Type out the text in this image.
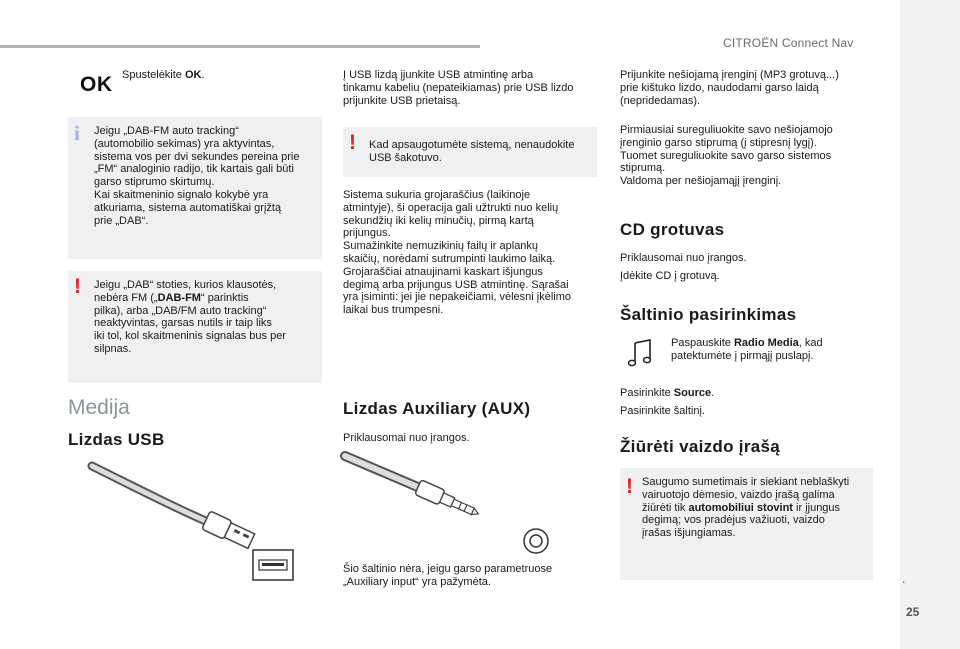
CITROËN Connect Nav
.
25
OK Spustelėkite OK.
i Jeigu „DAB-FM auto tracking“
(automobilio sekimas) yra aktyvintas,
sistema vos per dvi sekundes pereina prie
„FM“ analoginio radijo, tik kartais gali būti
garso stiprumo skirtumų.
Kai skaitmeninio signalo kokybė yra
atkuriama, sistema automatiškai grįžtą
prie „DAB“.
! Jeigu „DAB“ stoties, kurios klausotės,
nebėra FM („DAB-FM“ parinktis
pilka), arba „DAB/FM auto tracking“
neaktyvintas, garsas nutils ir taip liks
iki tol, kol skaitmeninis signalas bus per
silpnas.
Medija
Lizdas USB
Į USB lizdą įjunkite USB atmintinę arba
tinkamu kabeliu (nepateikiamas) prie USB lizdo
prijunkite USB prietaisą.
! Kad apsaugotumėte sistemą, nenaudokite
USB šakotuvo.
Sistema sukuria grojaraščius (laikinoje
atmintyje), ši operacija gali užtrukti nuo kelių
sekundžių iki kelių minučių, pirmą kartą
prijungus.
Sumažinkite nemuzikinių failų ir aplankų
skaičių, norėdami sutrumpinti laukimo laiką.
Grojaraščiai atnaujinami kaskart išjungus
degimą arba prijungus USB atmintinę. Sąrašai
yra įsiminti: jei jie nepakeičiami, vėlesni įkėlimo
laikai bus trumpesni.
Lizdas Auxiliary (AUX)
Priklausomai nuo įrangos.
Šio šaltinio nėra, jeigu garso parametruose
„Auxiliary input“ yra pažymėta.
Prijunkite nešiojamą įrenginį (MP3 grotuvą...)
prie kištuko lizdo, naudodami garso laidą
(nepridedamas).
Pirmiausiai sureguliuokite savo nešiojamojo
įrenginio garso stiprumą (į stipresnį lygį).
Tuomet sureguliuokite savo garso sistemos
stiprumą.
Valdoma per nešiojamąjį įrenginį.
CD grotuvas
Priklausomai nuo įrangos.
Įdėkite CD į grotuvą.
Šaltinio pasirinkimas
Paspauskite Radio Media, kad
patektumėte į pirmąjį puslapį.
Pasirinkite Source.
Pasirinkite šaltinį.
Žiūrėti vaizdo įrašą
! Saugumo sumetimais ir siekiant neblaškyti
vairuotojo dėmesio, vaizdo įrašą galima
žiūrėti tik automobiliui stovint ir įjungus
degimą; vos pradėjus važiuoti, vaizdo
įrašas išjungiamas.
